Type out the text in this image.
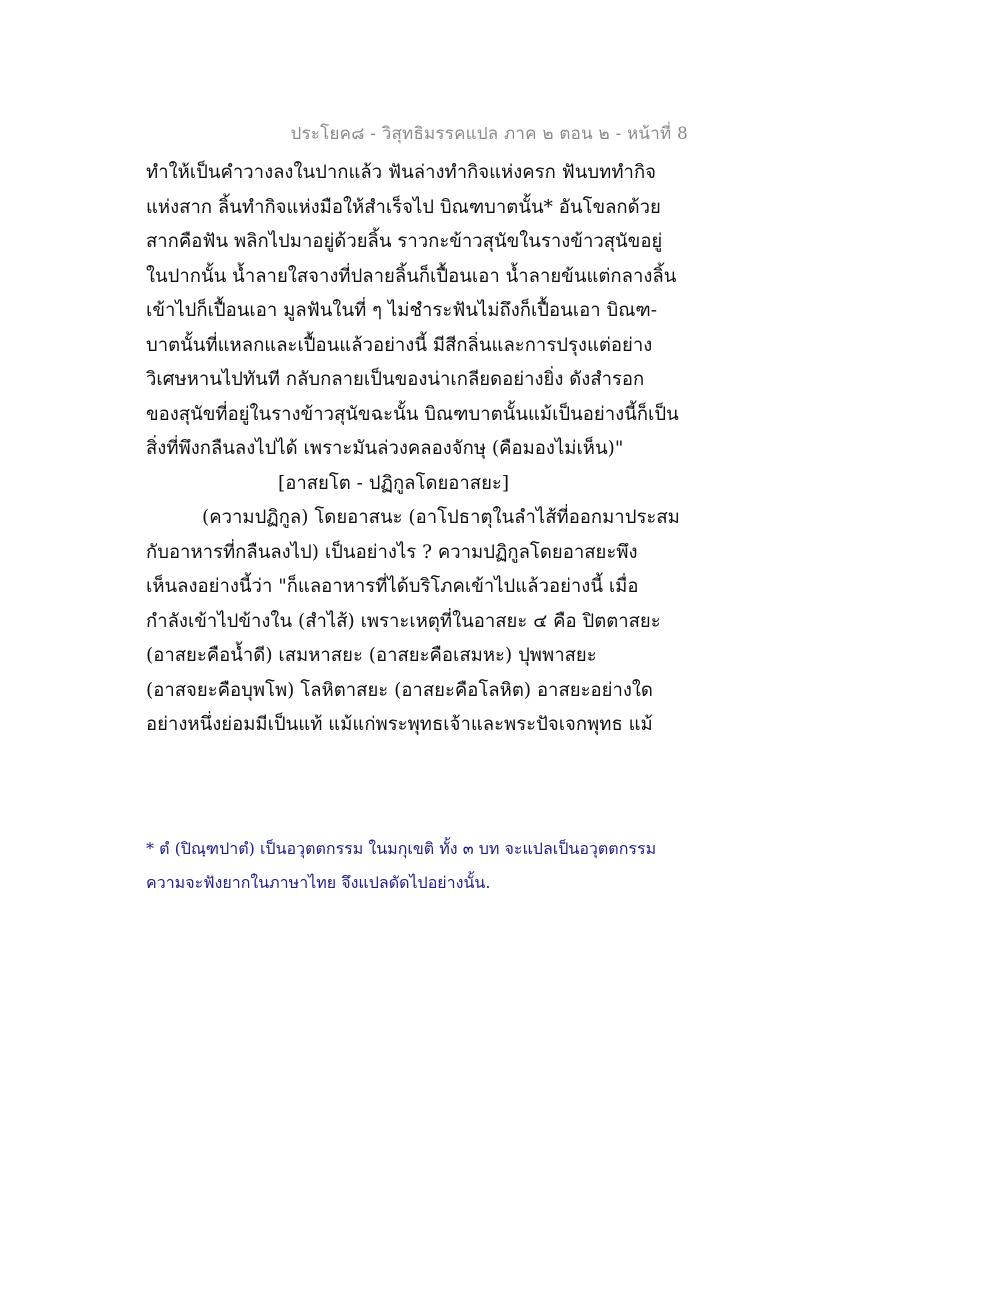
ประโยค๘ - วิสุทธิมรรคแปล ภาค ๒ ตอน ๒ - หน้าที่ 8
ทำให้เป็นคำวางลงในปากแล้ว ฟันล่างทำกิจแห่งครก ฟันบททำกิจ
แห่งสาก ลิ้นทำกิจแห่งมือให้สำเร็จไป บิณฑบาตนั้น* อันโขลกด้วย
สากคือฟัน พลิกไปมาอยู่ด้วยลิ้น ราวกะข้าวสุนัขในรางข้าวสุนัขอยู่
ในปากนั้น น้ำลายใสจางที่ปลายลิ้นก็เปื้อนเอา น้ำลายข้นแต่กลางลิ้น
เข้าไปก็เปื้อนเอา มูลฟันในที่ ๆ ไม่ชำระฟันไม่ถึงก็เปื้อนเอา บิณฑ-
บาตนั้นที่แหลกและเปื้อนแล้วอย่างนี้ มีสีกลิ่นและการปรุงแต่อย่าง
วิเศษหานไปทันที กลับกลายเป็นของน่าเกลียดอย่างยิ่ง ดังสำรอก
ของสุนัขที่อยู่ในรางข้าวสุนัขฉะนั้น บิณฑบาตนั้นแม้เป็นอย่างนี้ก็เป็น
สิ่งที่พึงกลืนลงไปได้ เพราะมันล่วงคลองจักษุ (คือมองไม่เห็น)"
[อาสยโต - ปฏิกูลโดยอาสยะ]
(ความปฏิกูล) โดยอาสนะ (อาโปธาตุในลำไส้ที่ออกมาประสม
กับอาหารที่กลืนลงไป) เป็นอย่างไร ? ความปฏิกูลโดยอาสยะพึง
เห็นลงอย่างนี้ว่า "ก็แลอาหารที่ได้บริโภคเข้าไปแล้วอย่างนี้ เมื่อ
กำลังเข้าไปข้างใน (สำไส้) เพราะเหตุที่ในอาสยะ ๔ คือ ปิตตาสยะ
(อาสยะคือน้ำดี) เสมหาสยะ (อาสยะคือเสมหะ) ปุพพาสยะ
(อาสจยะคือบุพโพ) โลหิตาสยะ (อาสยะคือโลหิต) อาสยะอย่างใด
อย่างหนึ่งย่อมมีเป็นแท้ แม้แก่พระพุทธเจ้าและพระปัจเจกพุทธ แม้
* ตํ (ปิณฺฑปาตํ) เป็นอวุตตกรรม ในมกุเขติ ทั้ง ๓ บท จะแปลเป็นอวุตตกรรม
ความจะฟังยากในภาษาไทย จึงแปลดัดไปอย่างนั้น.
